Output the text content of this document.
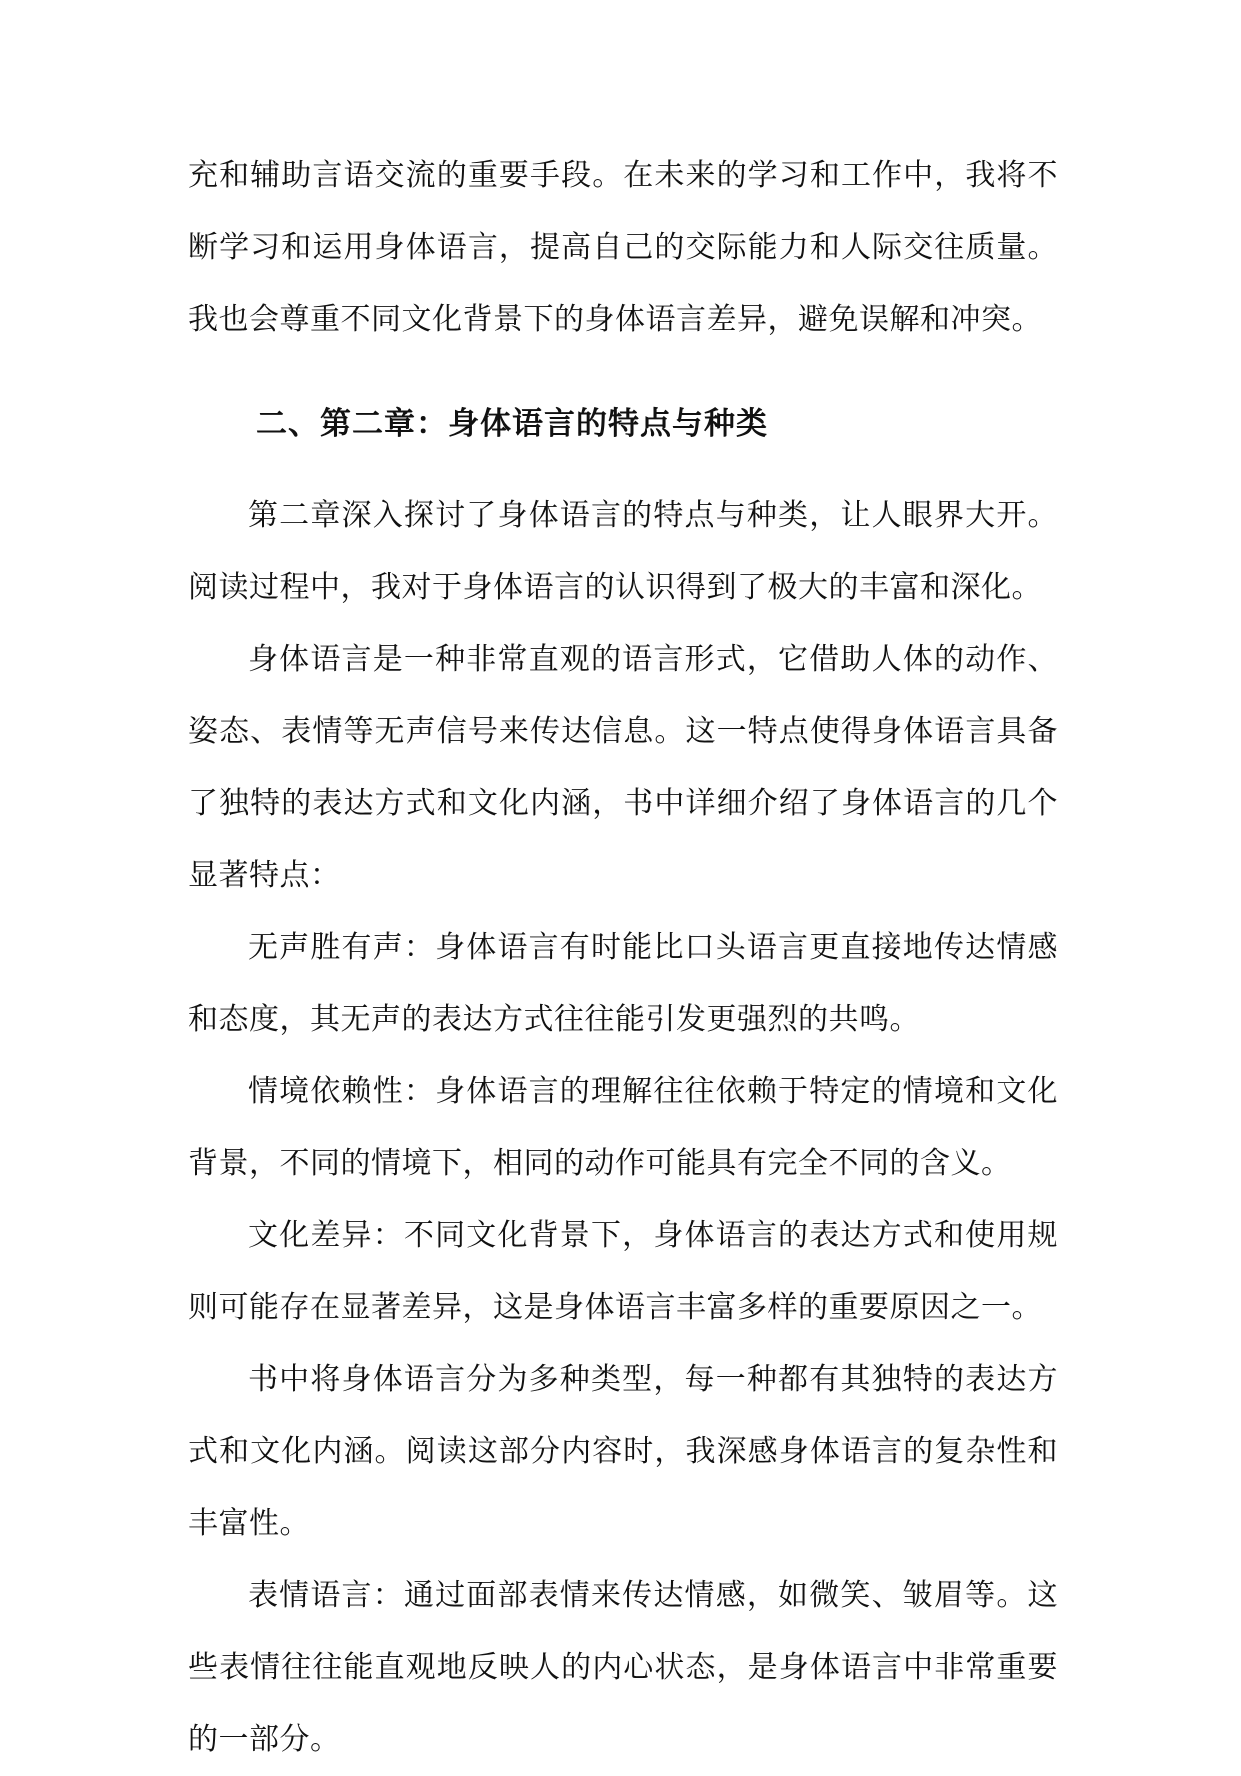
充和辅助言语交流的重要手段。在未来的学习和工作中，我将不断学习和运用身体语言，提高自己的交际能力和人际交往质量。我也会尊重不同文化背景下的身体语言差异，避免误解和冲突。

二、第二章：身体语言的特点与种类

第二章深入探讨了身体语言的特点与种类，让人眼界大开。阅读过程中，我对于身体语言的认识得到了极大的丰富和深化。

身体语言是一种非常直观的语言形式，它借助人体的动作、姿态、表情等无声信号来传达信息。这一特点使得身体语言具备了独特的表达方式和文化内涵，书中详细介绍了身体语言的几个显著特点：

无声胜有声：身体语言有时能比口头语言更直接地传达情感和态度，其无声的表达方式往往能引发更强烈的共鸣。

情境依赖性：身体语言的理解往往依赖于特定的情境和文化背景，不同的情境下，相同的动作可能具有完全不同的含义。

文化差异：不同文化背景下，身体语言的表达方式和使用规则可能存在显著差异，这是身体语言丰富多样的重要原因之一。

书中将身体语言分为多种类型，每一种都有其独特的表达方式和文化内涵。阅读这部分内容时，我深感身体语言的复杂性和丰富性。

表情语言：通过面部表情来传达情感，如微笑、皱眉等。这些表情往往能直观地反映人的内心状态，是身体语言中非常重要的一部分。
